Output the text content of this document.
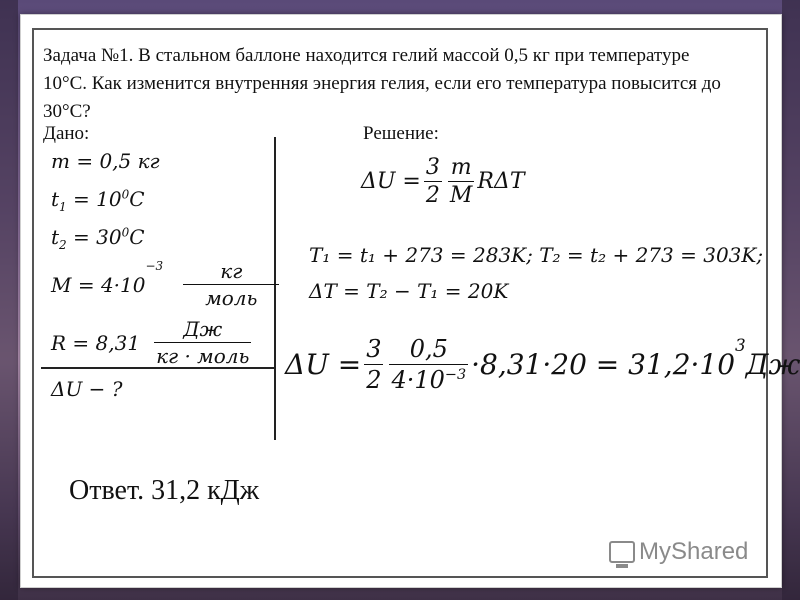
Задача №1. В стальном баллоне находится гелий массой 0,5 кг при температуре 10°С. Как изменится внутренняя энергия гелия, если его температура повысится до 30°С?
Дано:	Решение:
m = 0,5 кг
$t_1 = 10^0C$
$t_2 = 30^0C$
M = 4·10
$^{-3} \frac{кг}{\text{моль}}$
$R = 8,31 \frac{Дж}{\text{кг · моль}}$
ΔU − ?
$\Delta U = \frac{3}{2} \frac{m}{M}$ RΔT
T₁ = t₁ + 273 = 283K; T₂ = t₂ + 273 = 303K;
ΔT = T₂ − T₁ = 20K
$\Delta U = \frac{3}{2} \frac{0,5}{4\cdot 10^{-3}} \cdot 8,31\cdot 20 = 31,2\cdot 10$
$^3$
Дж
Ответ. 31,2 кДж
MyShared
